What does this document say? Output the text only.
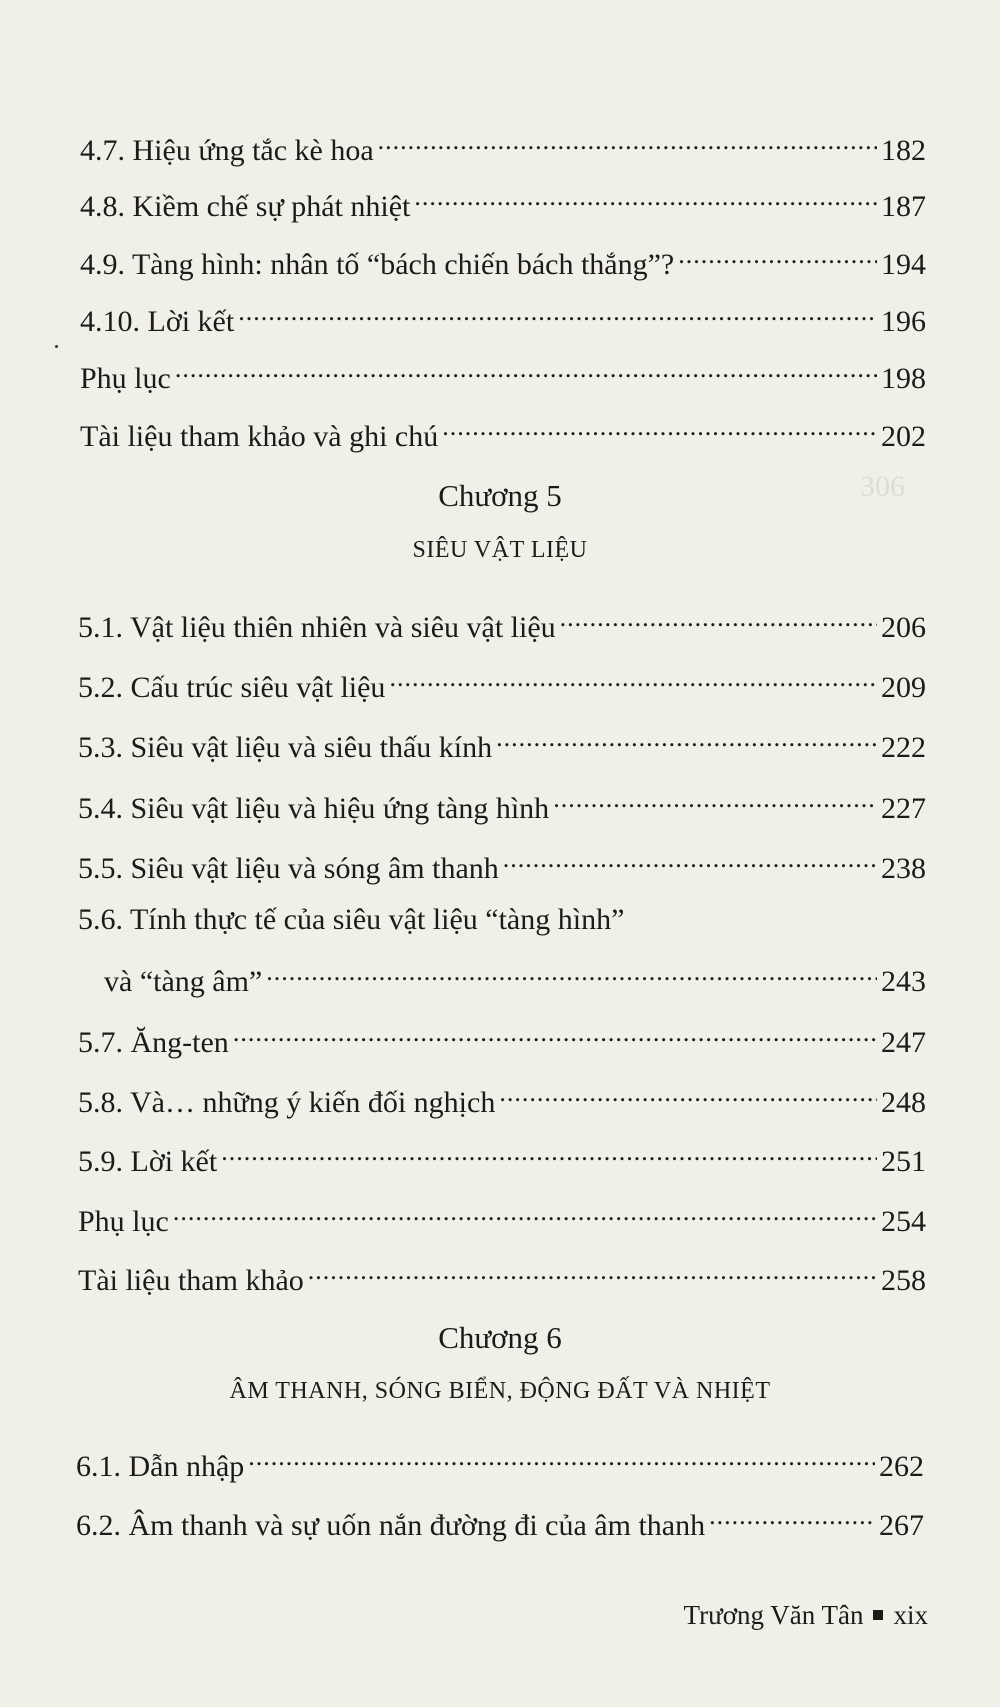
306
4.7. Hiệu ứng tắc kè hoa .....	182
4.8. Kiềm chế sự phát nhiệt .....	187
4.9. Tàng hình: nhân tố “bách chiến bách thắng”? .....	194
4.10. Lời kết .....	196
Phụ lục .....	198
Tài liệu tham khảo và ghi chú .....	202
Chương 5
SIÊU VẬT LIỆU
5.1. Vật liệu thiên nhiên và siêu vật liệu .....	206
5.2. Cấu trúc siêu vật liệu .....	209
5.3. Siêu vật liệu và siêu thấu kính .....	222
5.4. Siêu vật liệu và hiệu ứng tàng hình .....	227
5.5. Siêu vật liệu và sóng âm thanh .....	238
5.6. Tính thực tế của siêu vật liệu “tàng hình”
và “tàng âm” .....	243
5.7. Ăng-ten .....	247
5.8. Và… những ý kiến đối nghịch .....	248
5.9. Lời kết .....	251
Phụ lục .....	254
Tài liệu tham khảo .....	258
Chương 6
ÂM THANH, SÓNG BIỂN, ĐỘNG ĐẤT VÀ NHIỆT
6.1. Dẫn nhập .....	262
6.2. Âm thanh và sự uốn nắn đường đi của âm thanh .....	267
Trương Văn Tân xix
